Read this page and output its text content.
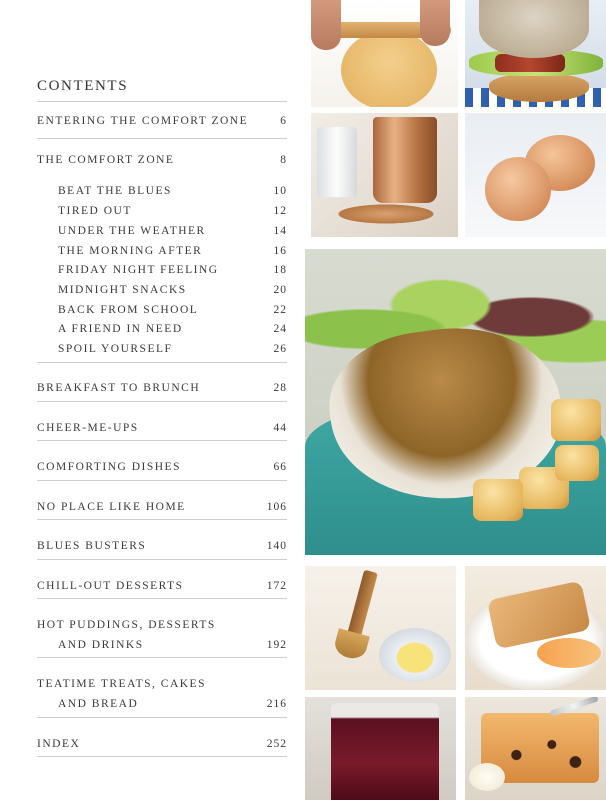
CONTENTS
ENTERING THE COMFORT ZONE	6
THE COMFORT ZONE	8
BEAT THE BLUES	10
TIRED OUT	12
UNDER THE WEATHER	14
THE MORNING AFTER	16
FRIDAY NIGHT FEELING	18
MIDNIGHT SNACKS	20
BACK FROM SCHOOL	22
A FRIEND IN NEED	24
SPOIL YOURSELF	26
BREAKFAST TO BRUNCH	28
CHEER-ME-UPS	44
COMFORTING DISHES	66
NO PLACE LIKE HOME	106
BLUES BUSTERS	140
CHILL-OUT DESSERTS	172
HOT PUDDINGS, DESSERTS
AND DRINKS	192
TEATIME TREATS, CAKES
AND BREAD	216
INDEX	252
